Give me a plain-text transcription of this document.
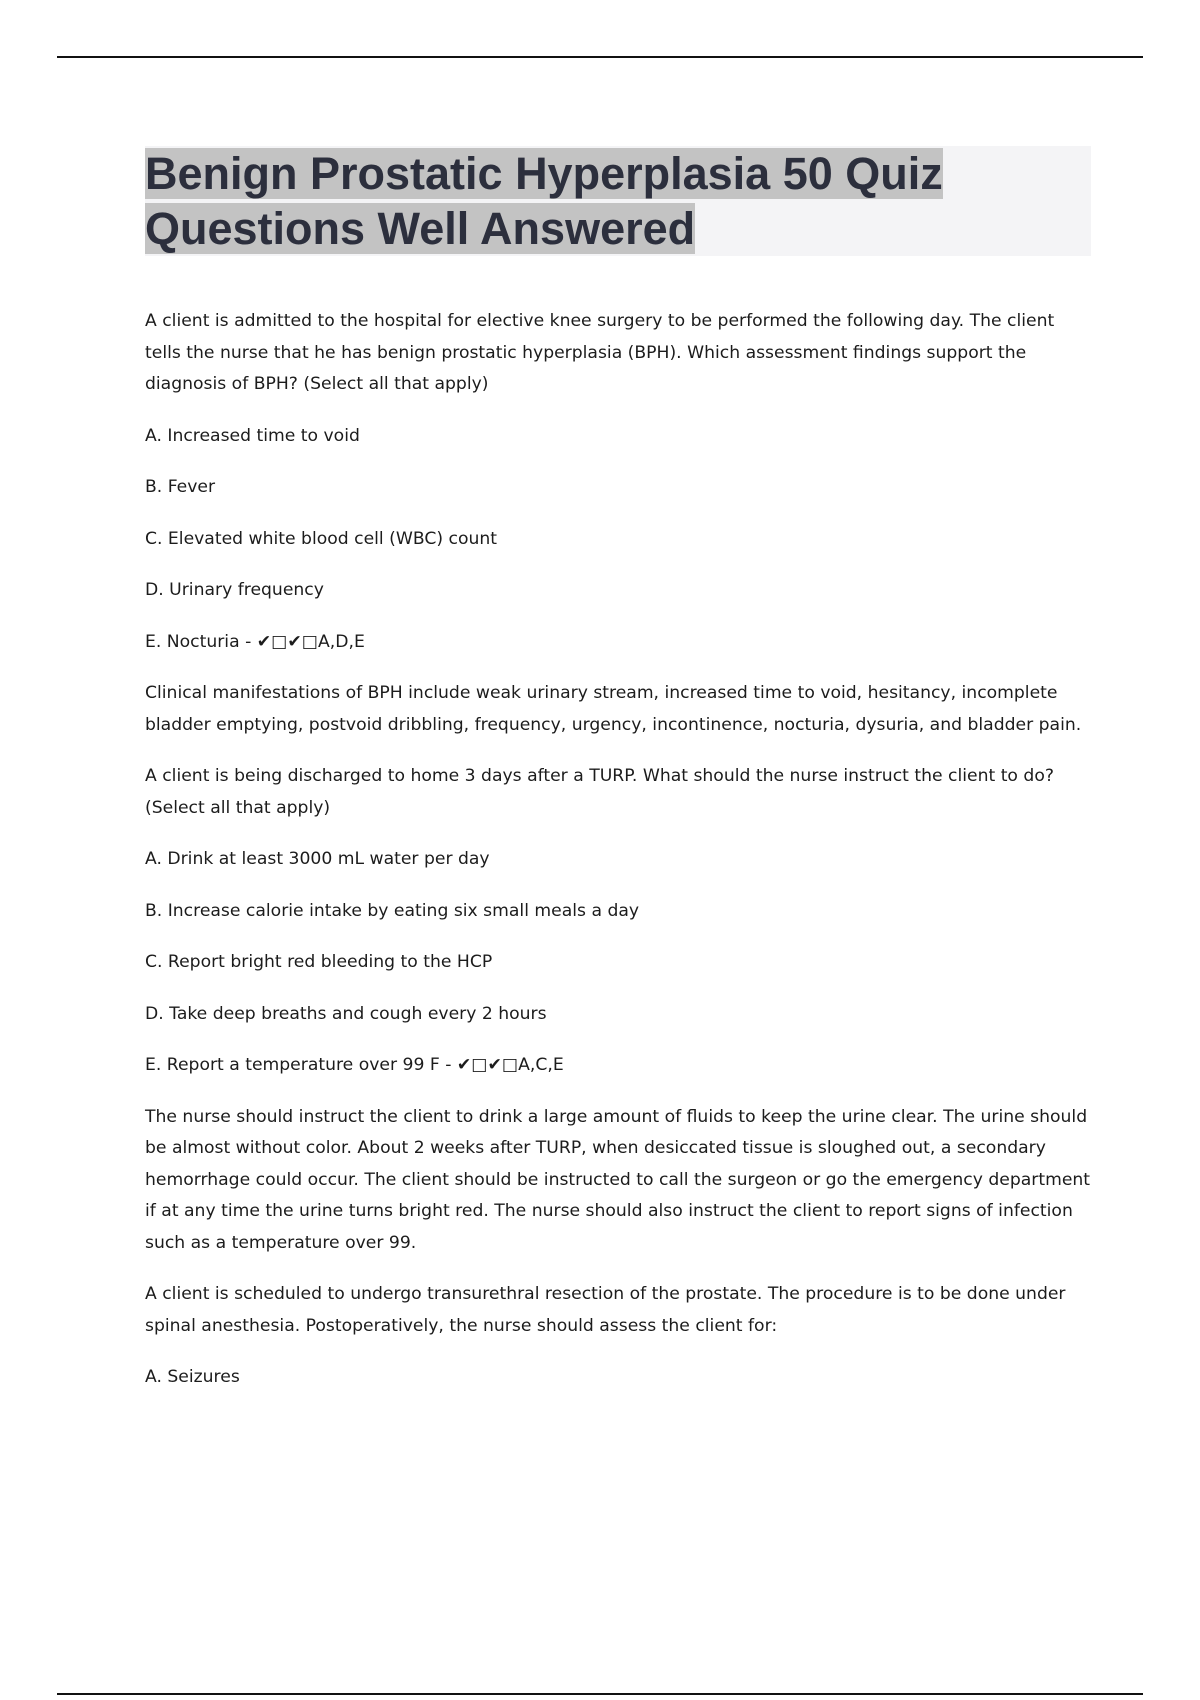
Benign Prostatic Hyperplasia 50 Quiz
Questions Well Answered

A client is admitted to the hospital for elective knee surgery to be performed the following day. The client tells the nurse that he has benign prostatic hyperplasia (BPH). Which assessment findings support the diagnosis of BPH? (Select all that apply)

A. Increased time to void

B. Fever

C. Elevated white blood cell (WBC) count

D. Urinary frequency

E. Nocturia - ✔□✔□A,D,E

Clinical manifestations of BPH include weak urinary stream, increased time to void, hesitancy, incomplete bladder emptying, postvoid dribbling, frequency, urgency, incontinence, nocturia, dysuria, and bladder pain.

A client is being discharged to home 3 days after a TURP. What should the nurse instruct the client to do? (Select all that apply)

A. Drink at least 3000 mL water per day

B. Increase calorie intake by eating six small meals a day

C. Report bright red bleeding to the HCP

D. Take deep breaths and cough every 2 hours

E. Report a temperature over 99 F - ✔□✔□A,C,E

The nurse should instruct the client to drink a large amount of fluids to keep the urine clear. The urine should be almost without color. About 2 weeks after TURP, when desiccated tissue is sloughed out, a secondary hemorrhage could occur. The client should be instructed to call the surgeon or go the emergency department if at any time the urine turns bright red. The nurse should also instruct the client to report signs of infection such as a temperature over 99.

A client is scheduled to undergo transurethral resection of the prostate. The procedure is to be done under spinal anesthesia. Postoperatively, the nurse should assess the client for:

A. Seizures
